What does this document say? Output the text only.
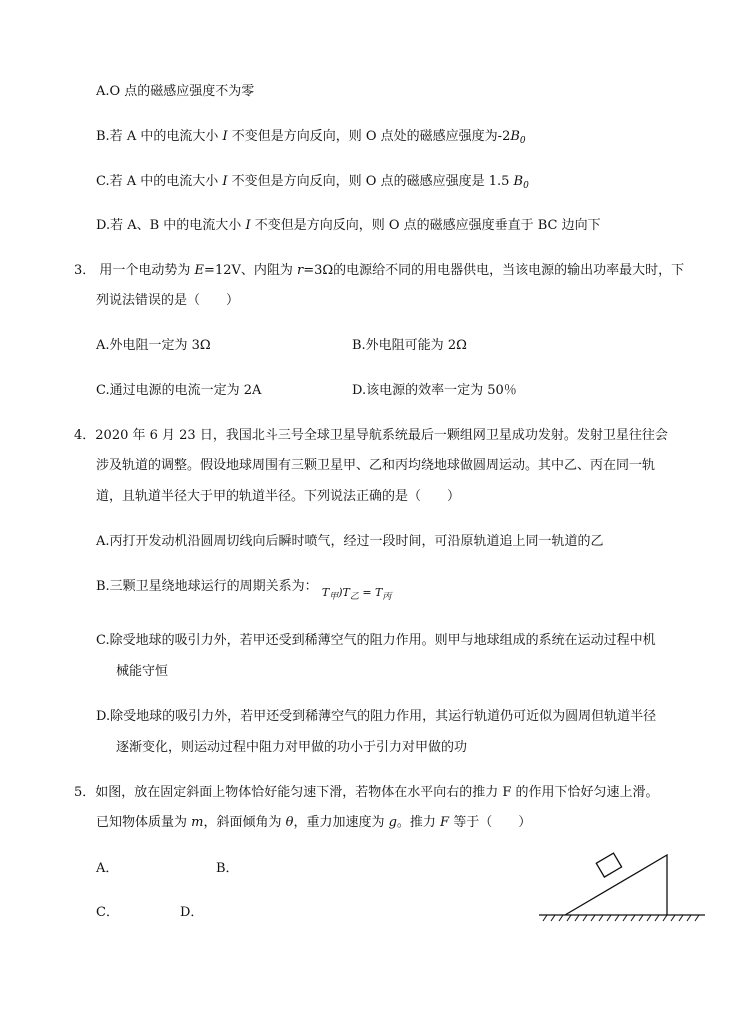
A.O 点的磁感应强度不为零
B.若 A 中的电流大小 I 不变但是方向反向，则 O 点处的磁感应强度为$-2B_0$
C.若 A 中的电流大小 I 不变但是方向反向，则 O 点的磁感应强度是 1.5 $B_0$
D.若 A、B 中的电流大小 I 不变但是方向反向，则 O 点的磁感应强度垂直于 BC 边向下
3． 用一个电动势为 E=12V、内阻为 r=3Ω的电源给不同的用电器供电，当该电源的输出功率最大时，下
列说法错误的是（　　）
A.外电阻一定为 3Ω	B.外电阻可能为 2Ω
C.通过电源的电流一定为 2A	D.该电源的效率一定为 50％
4．2020 年 6 月 23 日，我国北斗三号全球卫星导航系统最后一颗组网卫星成功发射。发射卫星往往会
涉及轨道的调整。假设地球周围有三颗卫星甲、乙和丙均绕地球做圆周运动。其中乙、丙在同一轨
道，且轨道半径大于甲的轨道半径。下列说法正确的是（　　）
A.丙打开发动机沿圆周切线向后瞬时喷气，经过一段时间，可沿原轨道追上同一轨道的乙
B.三颗卫星绕地球运行的周期关系为： $T_甲)T_乙 = T_丙$
C.除受地球的吸引力外，若甲还受到稀薄空气的阻力作用。则甲与地球组成的系统在运动过程中机
械能守恒
D.除受地球的吸引力外，若甲还受到稀薄空气的阻力作用，其运行轨道仍可近似为圆周但轨道半径
逐渐变化，则运动过程中阻力对甲做的功小于引力对甲做的功
5．如图，放在固定斜面上物体恰好能匀速下滑，若物体在水平向右的推力 F 的作用下恰好匀速上滑。
已知物体质量为 m，斜面倾角为 θ，重力加速度为 g。推力 F 等于（　　）
A．	B．
C．	D．
